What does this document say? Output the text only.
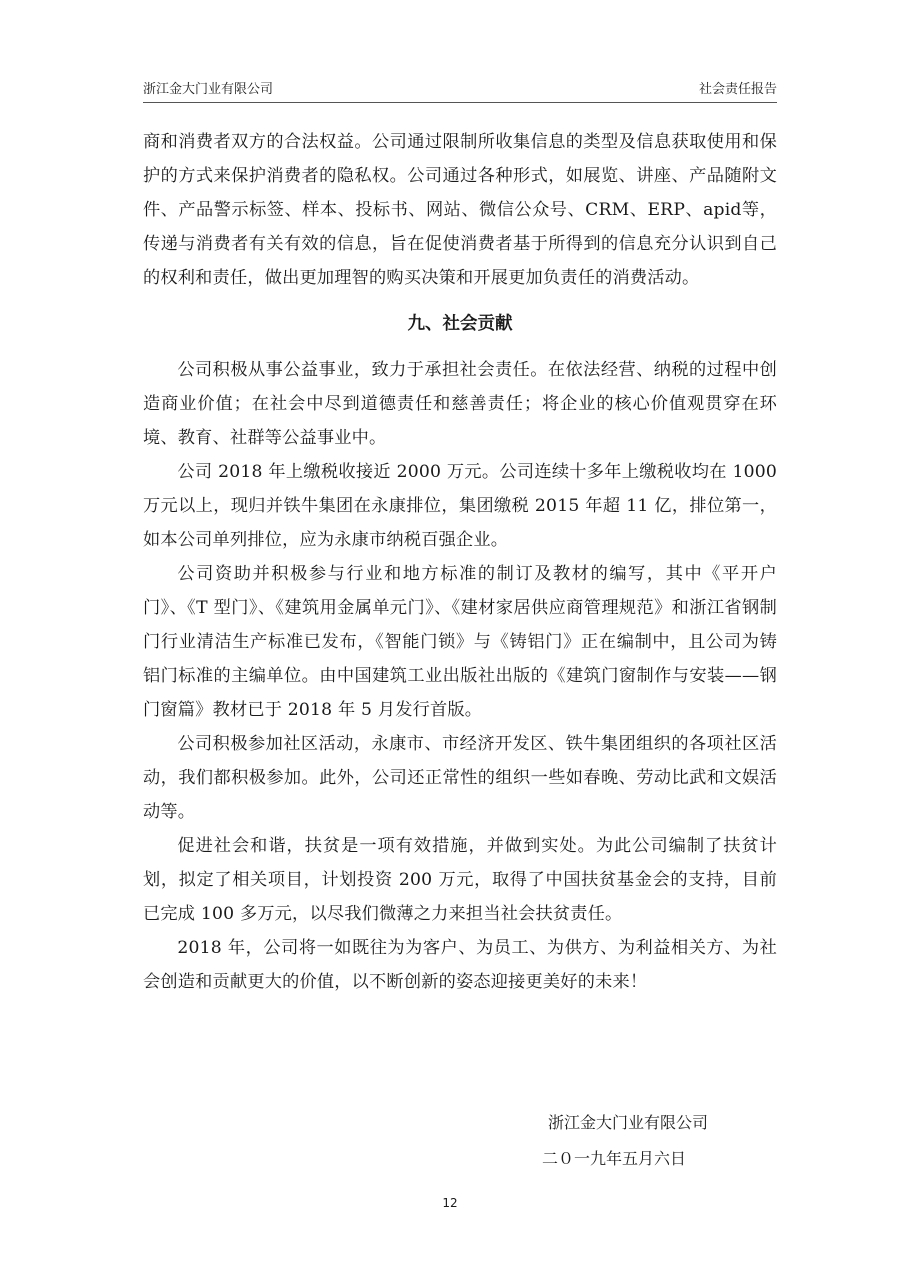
浙江金大门业有限公司	社会责任报告

商和消费者双方的合法权益。公司通过限制所收集信息的类型及信息获取使用和保护的方式来保护消费者的隐私权。公司通过各种形式，如展览、讲座、产品随附文件、产品警示标签、样本、投标书、网站、微信公众号、CRM、ERP、apid等，传递与消费者有关有效的信息，旨在促使消费者基于所得到的信息充分认识到自己的权利和责任，做出更加理智的购买决策和开展更加负责任的消费活动。

九、社会贡献

公司积极从事公益事业，致力于承担社会责任。在依法经营、纳税的过程中创造商业价值；在社会中尽到道德责任和慈善责任；将企业的核心价值观贯穿在环境、教育、社群等公益事业中。

公司 2018 年上缴税收接近 2000 万元。公司连续十多年上缴税收均在 1000 万元以上，现归并铁牛集团在永康排位，集团缴税 2015 年超 11 亿，排位第一，如本公司单列排位，应为永康市纳税百强企业。

公司资助并积极参与行业和地方标准的制订及教材的编写，其中《平开户门》、《T 型门》、《建筑用金属单元门》、《建材家居供应商管理规范》和浙江省钢制门行业清洁生产标准已发布，《智能门锁》与《铸铝门》正在编制中，且公司为铸铝门标准的主编单位。由中国建筑工业出版社出版的《建筑门窗制作与安装——钢门窗篇》教材已于 2018 年 5 月发行首版。

公司积极参加社区活动，永康市、市经济开发区、铁牛集团组织的各项社区活动，我们都积极参加。此外，公司还正常性的组织一些如春晚、劳动比武和文娱活动等。

促进社会和谐，扶贫是一项有效措施，并做到实处。为此公司编制了扶贫计划，拟定了相关项目，计划投资 200 万元，取得了中国扶贫基金会的支持，目前已完成 100 多万元，以尽我们微薄之力来担当社会扶贫责任。

2018 年，公司将一如既往为为客户、为员工、为供方、为利益相关方、为社会创造和贡献更大的价值，以不断创新的姿态迎接更美好的未来！

浙江金大门业有限公司
二０一九年五月六日
12
